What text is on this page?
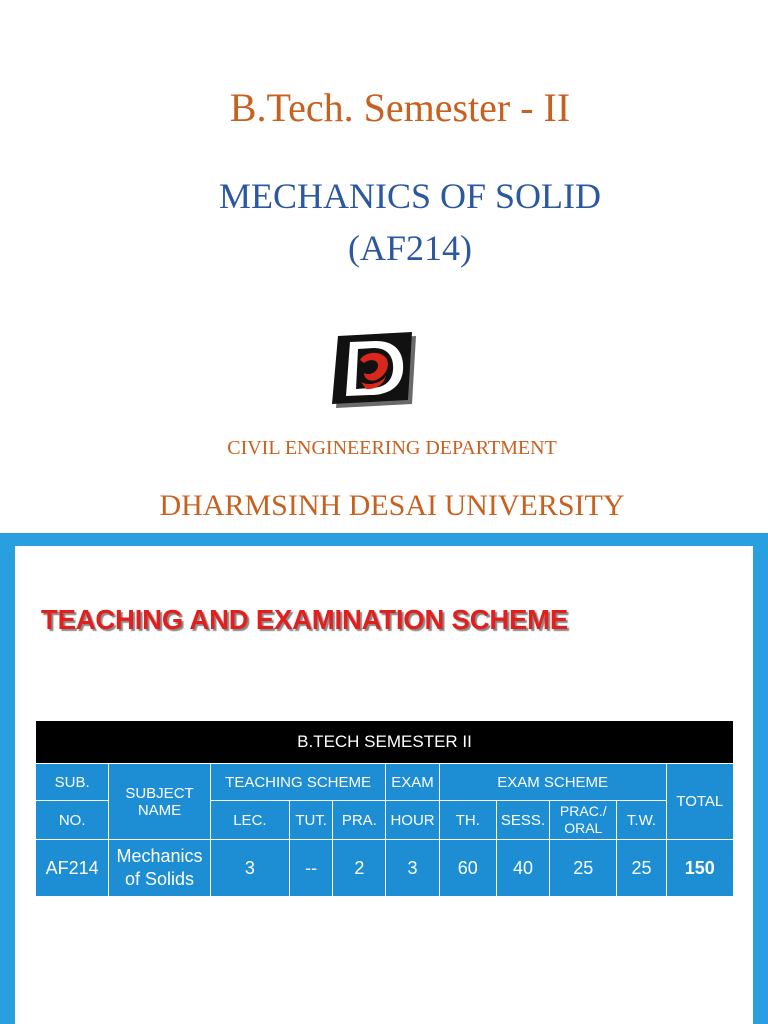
B.Tech. Semester - II
MECHANICS OF SOLID
(AF214)
CIVIL ENGINEERING DEPARTMENT
DHARMSINH DESAI UNIVERSITY
TEACHING AND EXAMINATION SCHEME
B.TECH SEMESTER II										
SUB.	SUBJECT NAME	TEACHING SCHEME			EXAM	EXAM SCHEME				TOTAL
NO.		LEC.	TUT.	PRA.	HOUR	TH.	SESS.	PRAC./ ORAL	T.W.	
AF214	Mechanics of Solids	3	--	2	3	60	40	25	25	150
